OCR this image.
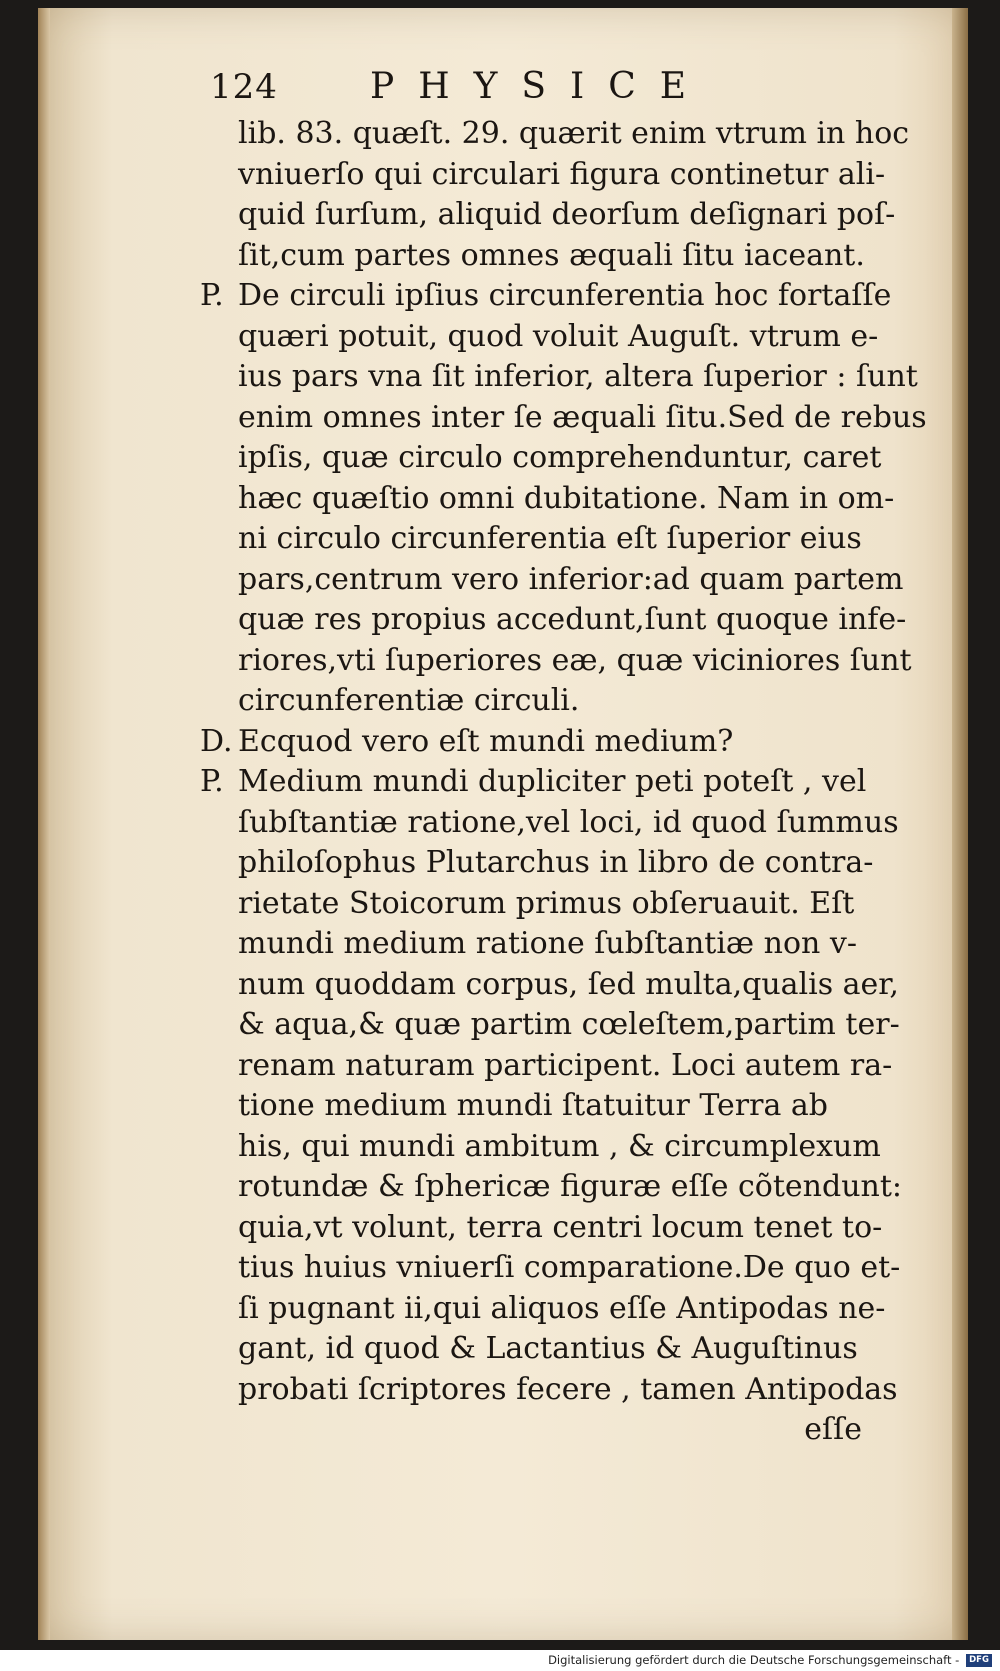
124	PHYSICE
lib. 83. quæſt. 29. quærit enim vtrum in hoc
vniuerſo qui circulari figura continetur ali-
quid ſurſum, aliquid deorſum deſignari poſ-
ſit,cum partes omnes æquali ſitu iaceant.
P. De circuli ipſius circunferentia hoc fortaſſe
quæri potuit, quod voluit Auguſt. vtrum e-
ius pars vna ſit inferior, altera ſuperior : ſunt
enim omnes inter ſe æquali ſitu.Sed de rebus
ipſis, quæ circulo comprehenduntur, caret
hæc quæſtio omni dubitatione. Nam in om-
ni circulo circunferentia eſt ſuperior eius
pars,centrum vero inferior:ad quam partem
quæ res propius accedunt,ſunt quoque infe-
riores,vti ſuperiores eæ, quæ viciniores ſunt
circunferentiæ circuli.
D. Ecquod vero eſt mundi medium?
P. Medium mundi dupliciter peti poteſt , vel
ſubſtantiæ ratione,vel loci, id quod ſummus
philoſophus Plutarchus in libro de contra-
rietate Stoicorum primus obſeruauit. Eſt
mundi medium ratione ſubſtantiæ non v-
num quoddam corpus, ſed multa,qualis aer,
& aqua,& quæ partim cœleſtem,partim ter-
renam naturam participent. Loci autem ra-
tione medium mundi ſtatuitur Terra ab
his, qui mundi ambitum , & circumplexum
rotundæ & ſphericæ figuræ eſſe cõtendunt:
quia,vt volunt, terra centri locum tenet to-
tius huius vniuerſi comparatione.De quo et-
ſi pugnant ii,qui aliquos eſſe Antipodas ne-
gant, id quod & Lactantius & Auguſtinus
probati ſcriptores fecere , tamen Antipodas
eſſe
Digitalisierung gefördert durch die Deutsche Forschungsgemeinschaft - DFG
